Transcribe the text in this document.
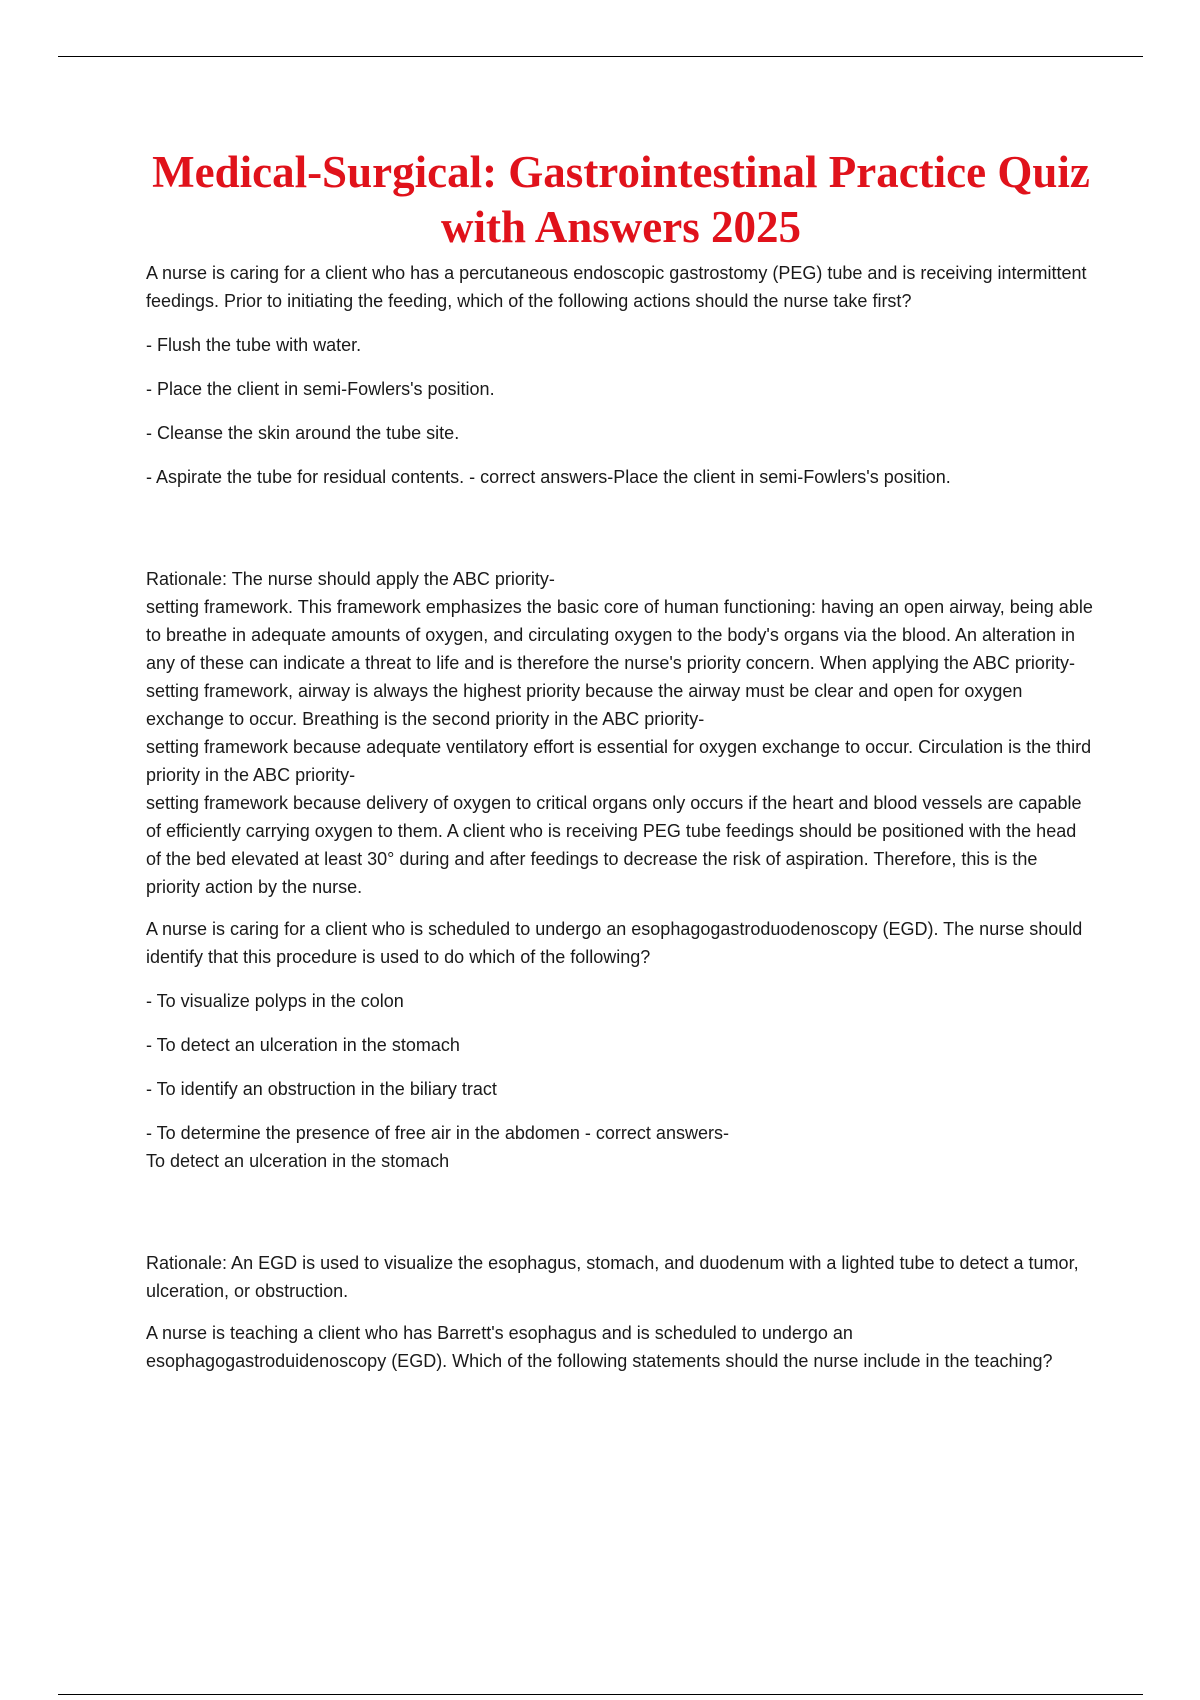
Medical-Surgical: Gastrointestinal Practice Quiz with Answers 2025
A nurse is caring for a client who has a percutaneous endoscopic gastrostomy (PEG) tube and is receiving intermittent feedings. Prior to initiating the feeding, which of the following actions should the nurse take first?
- Flush the tube with water.
- Place the client in semi-Fowlers's position.
- Cleanse the skin around the tube site.
- Aspirate the tube for residual contents. - correct answers-Place the client in semi-Fowlers's position.
Rationale: The nurse should apply the ABC priority-
setting framework. This framework emphasizes the basic core of human functioning: having an open airway, being able to breathe in adequate amounts of oxygen, and circulating oxygen to the body's organs via the blood. An alteration in any of these can indicate a threat to life and is therefore the nurse's priority concern. When applying the ABC priority-
setting framework, airway is always the highest priority because the airway must be clear and open for oxygen exchange to occur. Breathing is the second priority in the ABC priority-
setting framework because adequate ventilatory effort is essential for oxygen exchange to occur. Circulation is the third priority in the ABC priority-
setting framework because delivery of oxygen to critical organs only occurs if the heart and blood vessels are capable of efficiently carrying oxygen to them. A client who is receiving PEG tube feedings should be positioned with the head of the bed elevated at least 30° during and after feedings to decrease the risk of aspiration. Therefore, this is the priority action by the nurse.
A nurse is caring for a client who is scheduled to undergo an esophagogastroduodenoscopy (EGD). The nurse should identify that this procedure is used to do which of the following?
- To visualize polyps in the colon
- To detect an ulceration in the stomach
- To identify an obstruction in the biliary tract
- To determine the presence of free air in the abdomen - correct answers-
To detect an ulceration in the stomach
Rationale: An EGD is used to visualize the esophagus, stomach, and duodenum with a lighted tube to detect a tumor, ulceration, or obstruction.
A nurse is teaching a client who has Barrett's esophagus and is scheduled to undergo an esophagogastroduidenoscopy (EGD). Which of the following statements should the nurse include in the teaching?
